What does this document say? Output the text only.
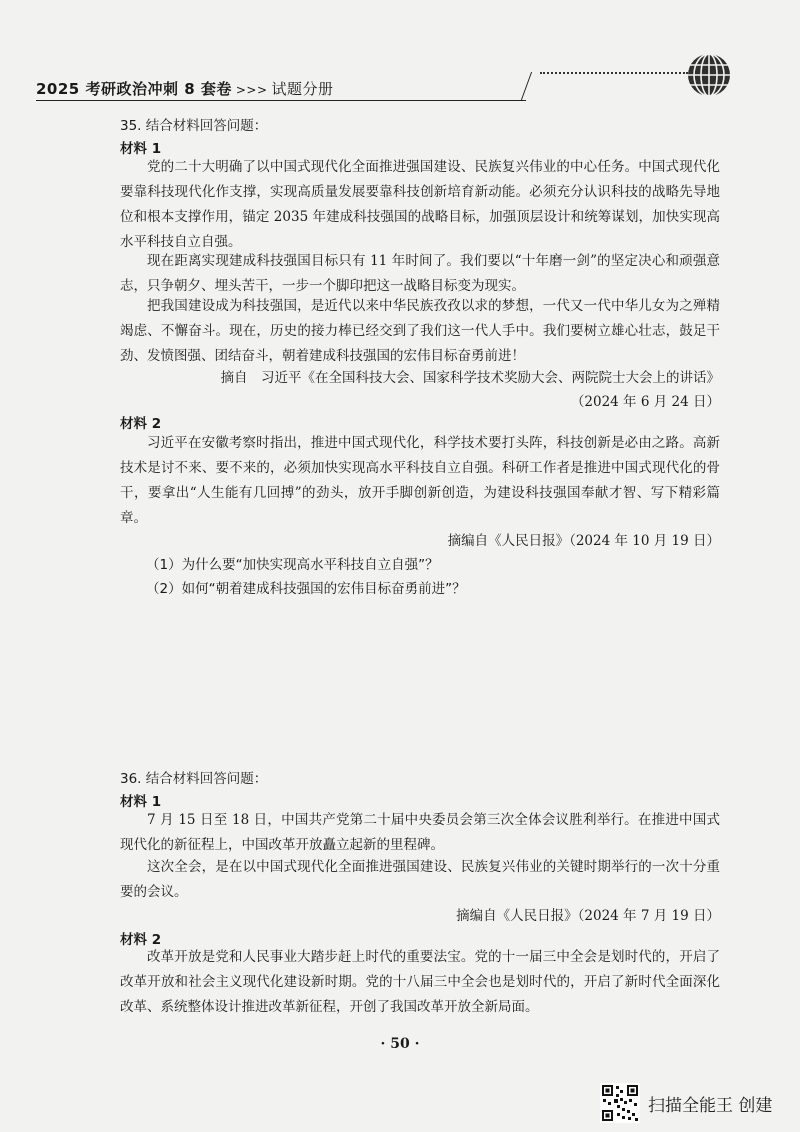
2025 考研政治冲刺 8 套卷 >>> 试题分册
35. 结合材料回答问题：
材料 1
党的二十大明确了以中国式现代化全面推进强国建设、民族复兴伟业的中心任务。中国式现代化要靠科技现代化作支撑，实现高质量发展要靠科技创新培育新动能。必须充分认识科技的战略先导地位和根本支撑作用，锚定 2035 年建成科技强国的战略目标，加强顶层设计和统筹谋划，加快实现高水平科技自立自强。
现在距离实现建成科技强国目标只有 11 年时间了。我们要以“十年磨一剑”的坚定决心和顽强意志，只争朝夕、埋头苦干，一步一个脚印把这一战略目标变为现实。
把我国建设成为科技强国，是近代以来中华民族孜孜以求的梦想，一代又一代中华儿女为之殚精竭虑、不懈奋斗。现在，历史的接力棒已经交到了我们这一代人手中。我们要树立雄心壮志，鼓足干劲、发愤图强、团结奋斗，朝着建成科技强国的宏伟目标奋勇前进！
摘自　习近平《在全国科技大会、国家科学技术奖励大会、两院院士大会上的讲话》
（2024 年 6 月 24 日）
材料 2
习近平在安徽考察时指出，推进中国式现代化，科学技术要打头阵，科技创新是必由之路。高新技术是讨不来、要不来的，必须加快实现高水平科技自立自强。科研工作者是推进中国式现代化的骨干，要拿出“人生能有几回搏”的劲头，放开手脚创新创造，为建设科技强国奉献才智、写下精彩篇章。
摘编自《人民日报》（2024 年 10 月 19 日）
（1）为什么要“加快实现高水平科技自立自强”？
（2）如何“朝着建成科技强国的宏伟目标奋勇前进”？
36. 结合材料回答问题：
材料 1
7 月 15 日至 18 日，中国共产党第二十届中央委员会第三次全体会议胜利举行。在推进中国式现代化的新征程上，中国改革开放矗立起新的里程碑。
这次全会，是在以中国式现代化全面推进强国建设、民族复兴伟业的关键时期举行的一次十分重要的会议。
摘编自《人民日报》（2024 年 7 月 19 日）
材料 2
改革开放是党和人民事业大踏步赶上时代的重要法宝。党的十一届三中全会是划时代的，开启了改革开放和社会主义现代化建设新时期。党的十八届三中全会也是划时代的，开启了新时代全面深化改革、系统整体设计推进改革新征程，开创了我国改革开放全新局面。
· 50 ·
扫描全能王 创建
